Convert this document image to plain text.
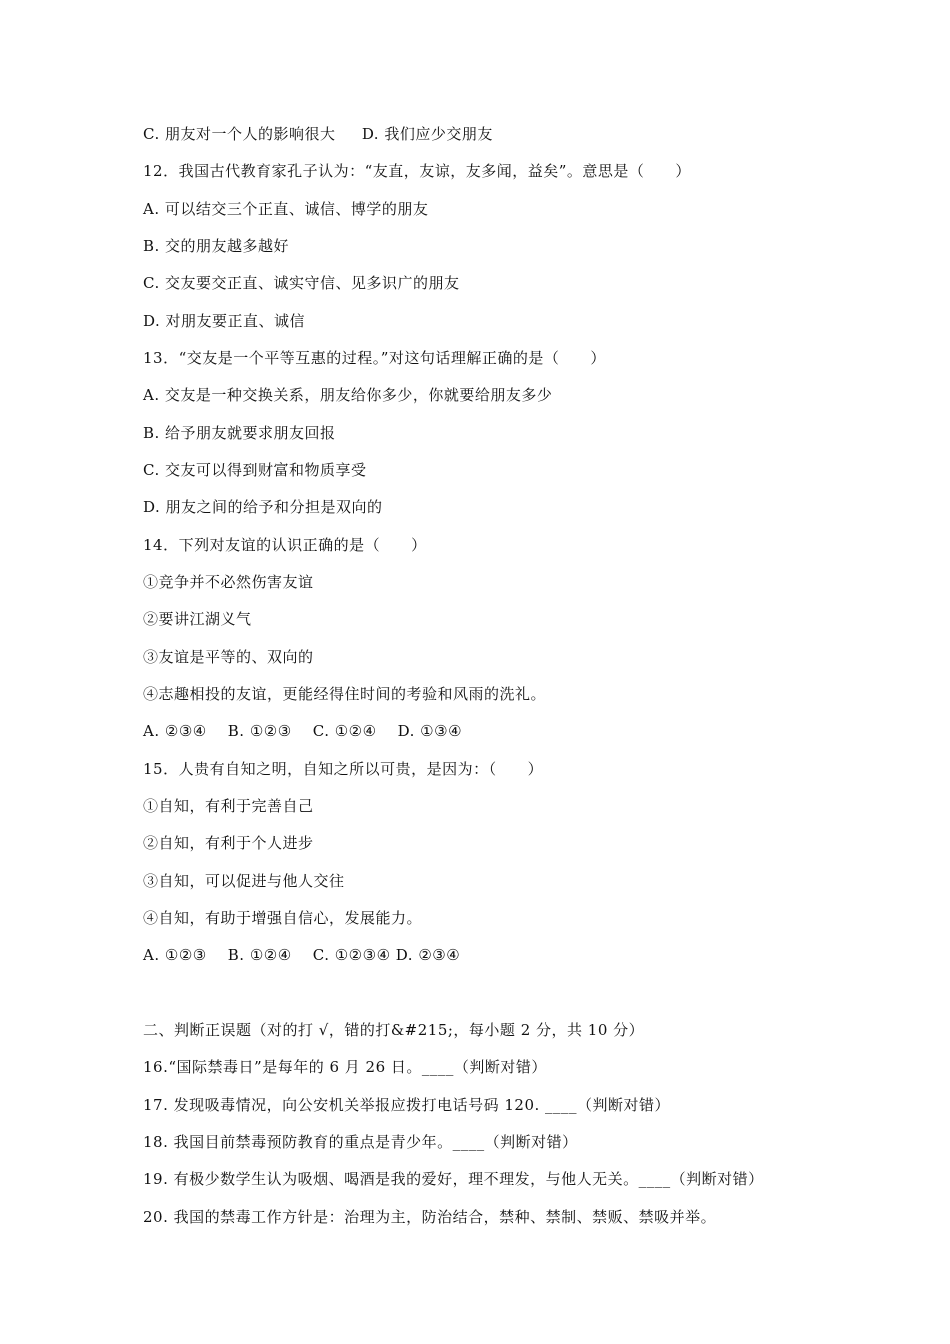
C. 朋友对一个人的影响很大     D. 我们应少交朋友
12．我国古代教育家孔子认为：“友直，友谅，友多闻，益矣”。意思是（　　）
A. 可以结交三个正直、诚信、博学的朋友
B. 交的朋友越多越好
C. 交友要交正直、诚实守信、见多识广的朋友
D. 对朋友要正直、诚信
13．“交友是一个平等互惠的过程。”对这句话理解正确的是（　　）
A. 交友是一种交换关系，朋友给你多少，你就要给朋友多少
B. 给予朋友就要求朋友回报
C. 交友可以得到财富和物质享受
D. 朋友之间的给予和分担是双向的
14．下列对友谊的认识正确的是（　　）
①竞争并不必然伤害友谊
②要讲江湖义气
③友谊是平等的、双向的
④志趣相投的友谊，更能经得住时间的考验和风雨的洗礼。
A. ②③④    B. ①②③    C. ①②④    D. ①③④
15．人贵有自知之明，自知之所以可贵，是因为：（　　）
①自知，有利于完善自己
②自知，有利于个人进步
③自知，可以促进与他人交往
④自知，有助于增强自信心，发展能力。
A. ①②③    B. ①②④    C. ①②③④ D. ②③④
二、判断正误题（对的打 √，错的打&#215;，每小题 2 分，共 10 分）
16.“国际禁毒日”是每年的 6 月 26 日。____（判断对错）
17. 发现吸毒情况，向公安机关举报应拨打电话号码 120. ____（判断对错）
18. 我国目前禁毒预防教育的重点是青少年。____（判断对错）
19. 有极少数学生认为吸烟、喝酒是我的爱好，理不理发，与他人无关。____（判断对错）
20. 我国的禁毒工作方针是：治理为主，防治结合，禁种、禁制、禁贩、禁吸并举。
